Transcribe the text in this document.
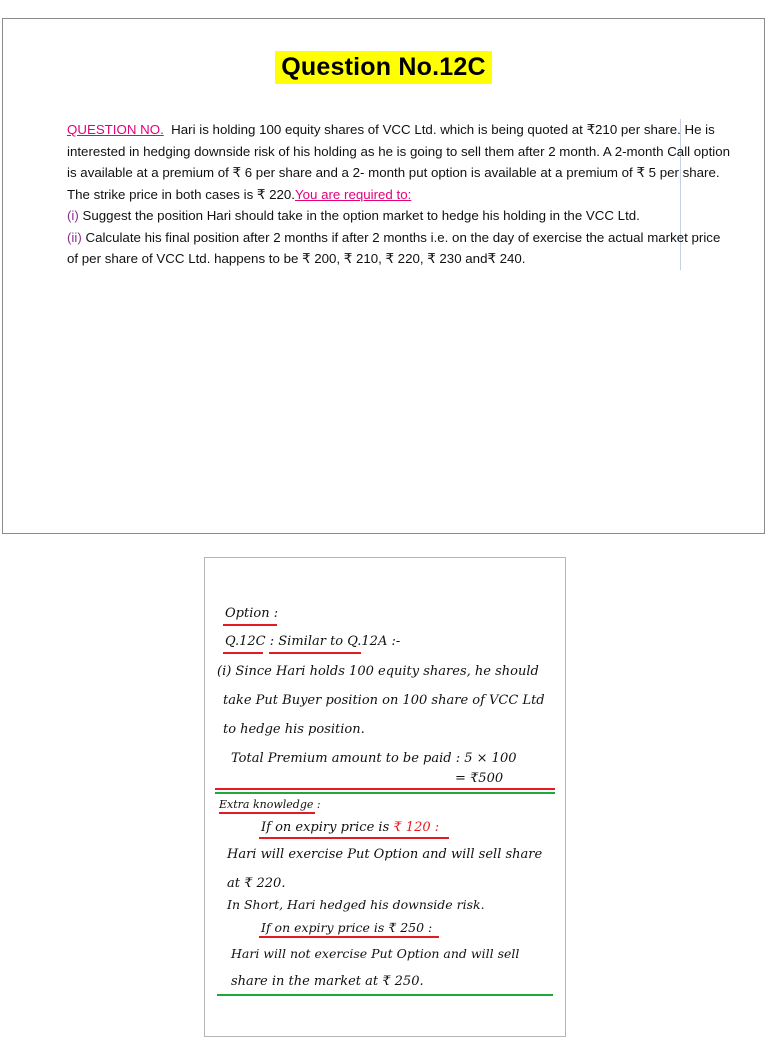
Question No.12C
QUESTION NO. Hari is holding 100 equity shares of VCC Ltd. which is being quoted at ₹210 per share. He is
interested in hedging downside risk of his holding as he is going to sell them after 2 month. A 2-month Call option
is available at a premium of ₹ 6 per share and a 2- month put option is available at a premium of ₹ 5 per share.
The strike price in both cases is ₹ 220.You are required to:
(i) Suggest the position Hari should take in the option market to hedge his holding in the VCC Ltd.
(ii) Calculate his final position after 2 months if after 2 months i.e. on the day of exercise the actual market price
of per share of VCC Ltd. happens to be ₹ 200, ₹ 210, ₹ 220, ₹ 230 and₹ 240.
Option :
Q.12C : Similar to Q.12A :-
(i) Since Hari holds 100 equity shares, he should
take Put Buyer position on 100 share of VCC Ltd
to hedge his position.
Total Premium amount to be paid : 5 × 100
= ₹500
Extra knowledge :
If on expiry price is ₹ 120 :
Hari will exercise Put Option and will sell share
at ₹ 220.
In Short, Hari hedged his downside risk.
If on expiry price is ₹ 250 :
Hari will not exercise Put Option and will sell
share in the market at ₹ 250.
